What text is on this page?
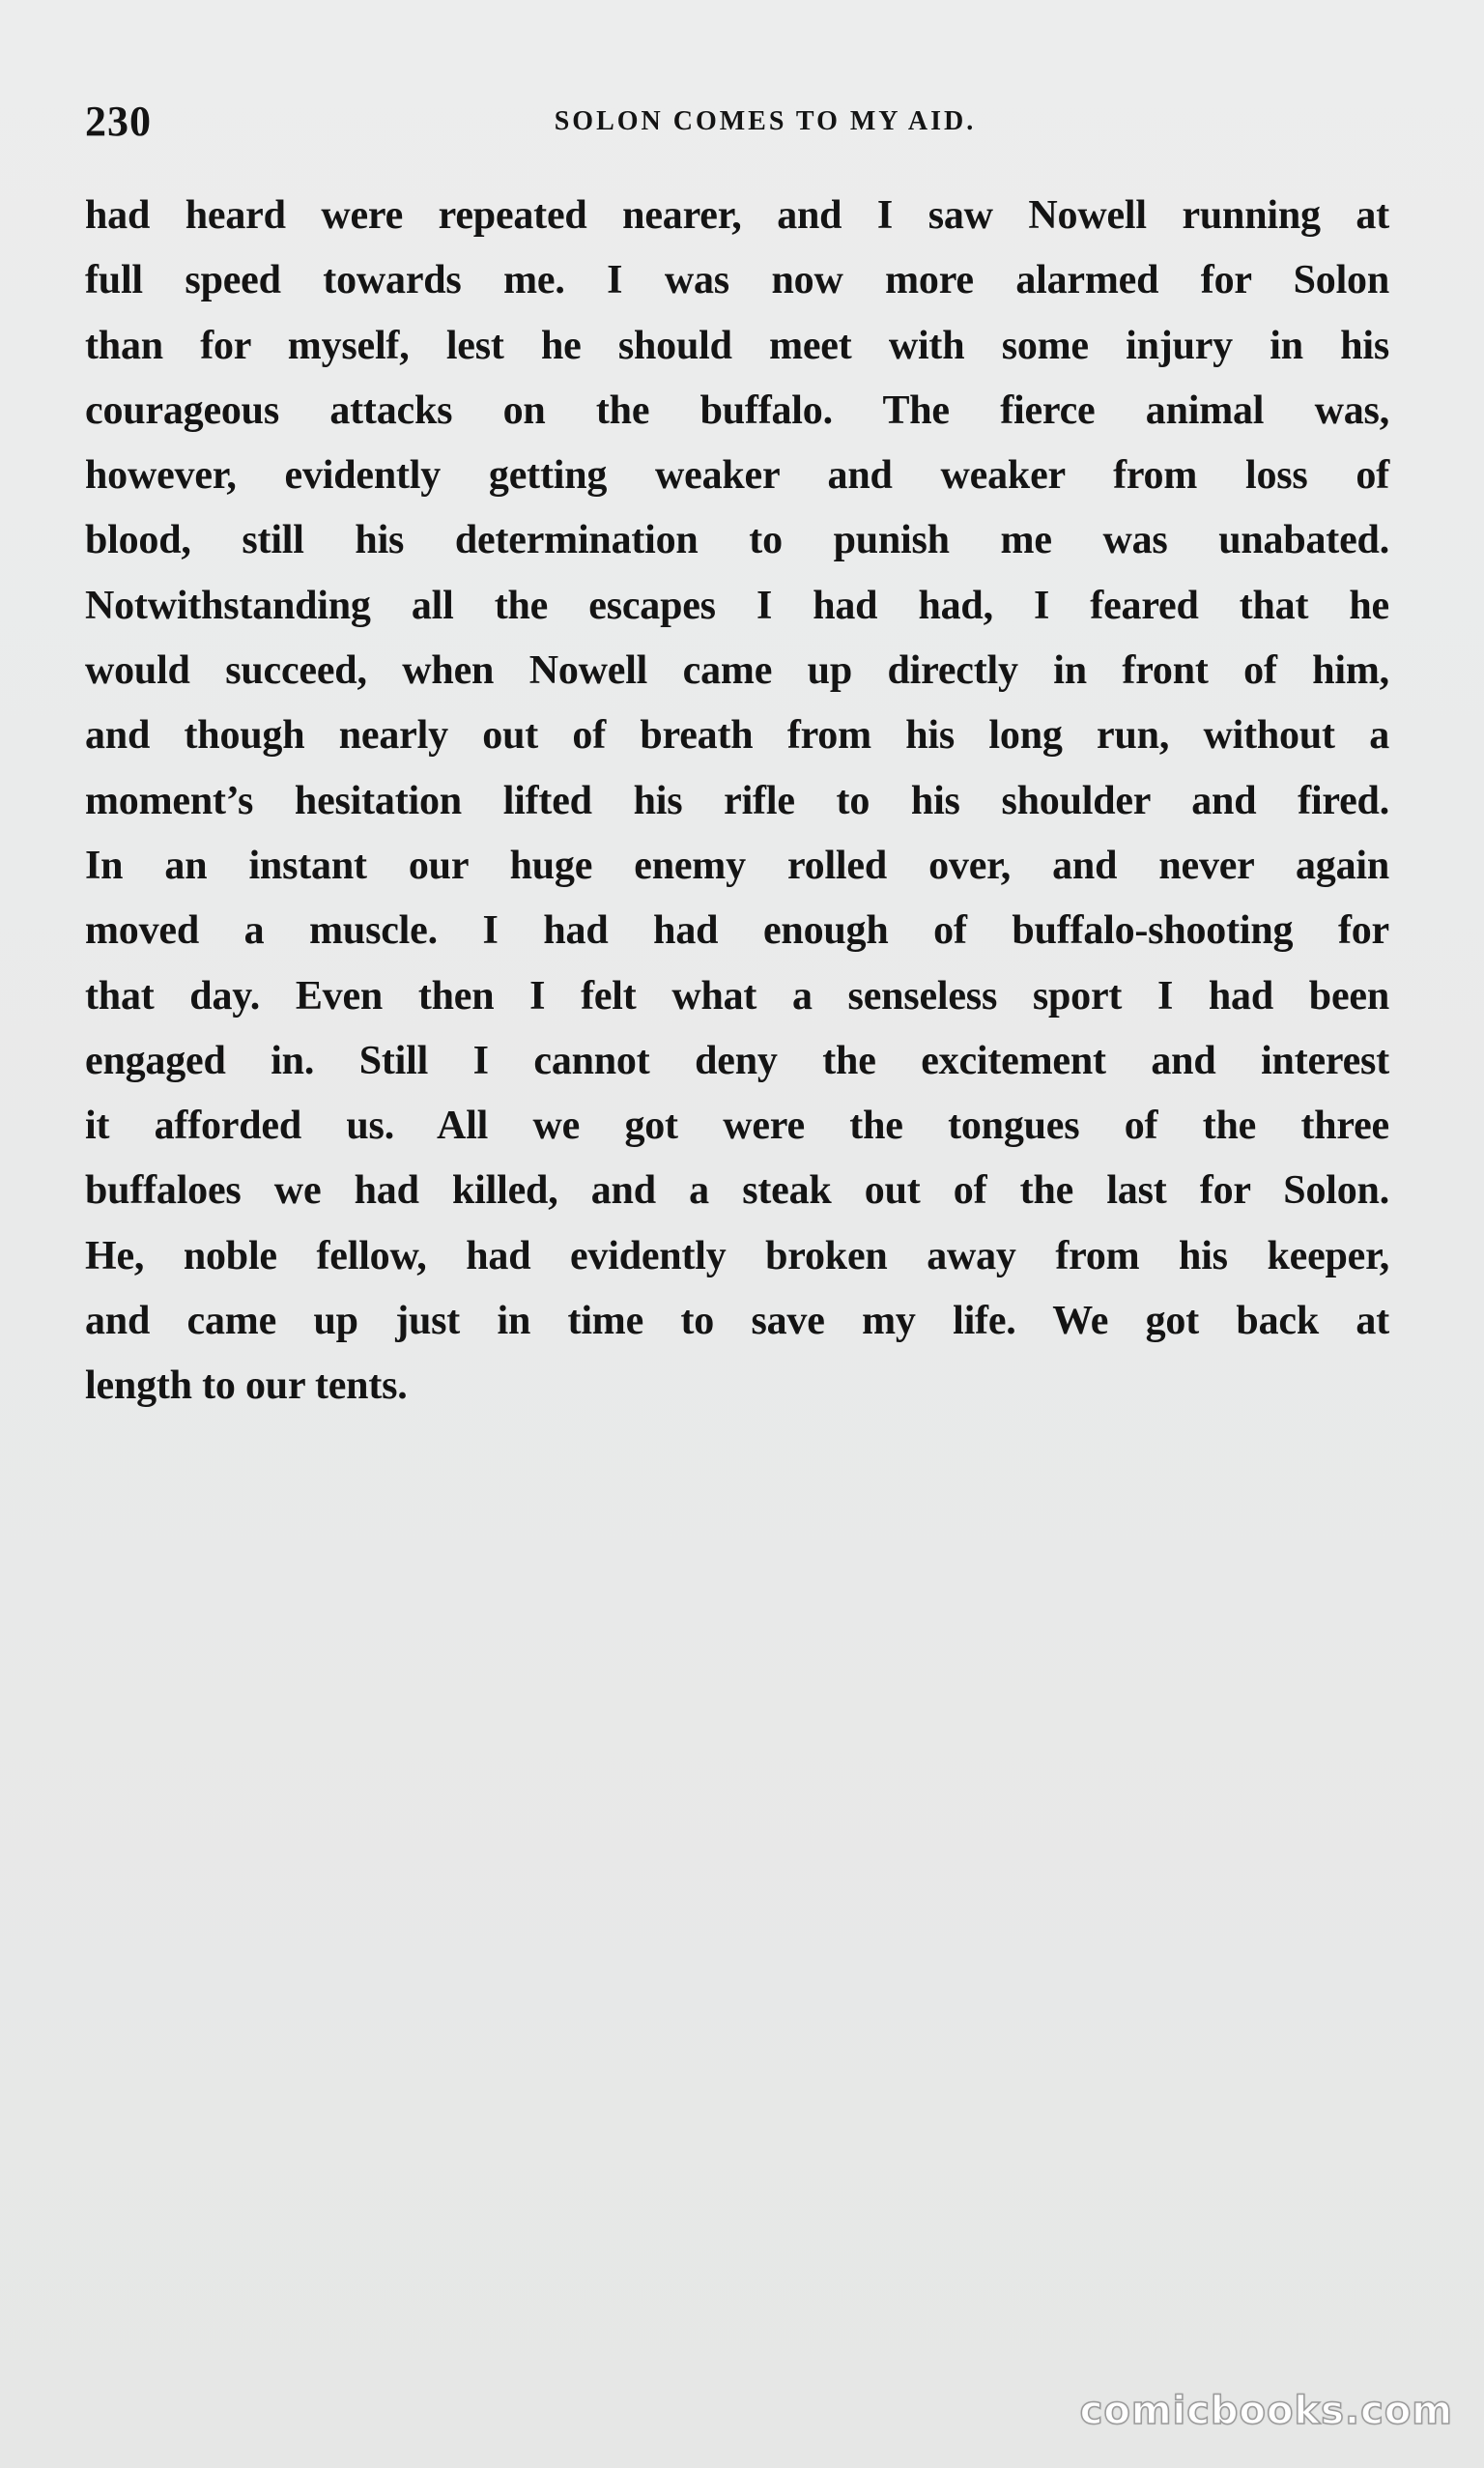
230	SOLON COMES TO MY AID.

had heard were repeated nearer, and I saw Nowell running at
full speed towards me. I was now more alarmed for Solon
than for myself, lest he should meet with some injury in his
courageous attacks on the buffalo. The fierce animal was,
however, evidently getting weaker and weaker from loss of
blood, still his determination to punish me was unabated.
Notwithstanding all the escapes I had had, I feared that he
would succeed, when Nowell came up directly in front of him,
and though nearly out of breath from his long run, without a
moment’s hesitation lifted his rifle to his shoulder and fired.
In an instant our huge enemy rolled over, and never again
moved a muscle. I had had enough of buffalo-shooting for
that day. Even then I felt what a senseless sport I had been
engaged in. Still I cannot deny the excitement and interest
it afforded us. All we got were the tongues of the three
buffaloes we had killed, and a steak out of the last for Solon.
He, noble fellow, had evidently broken away from his keeper,
and came up just in time to save my life. We got back at
length to our tents.

comicbooks.com
